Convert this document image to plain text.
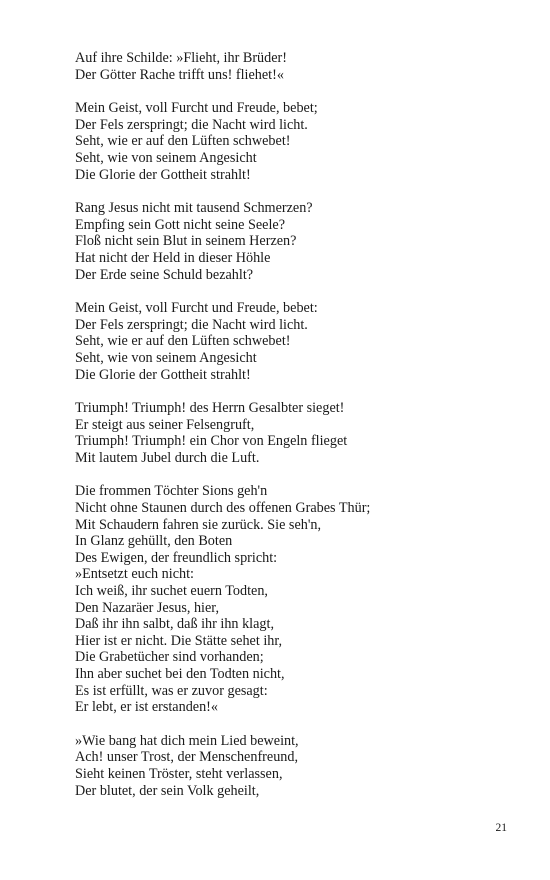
Auf ihre Schilde: »Flieht, ihr Brüder!
Der Götter Rache trifft uns! fliehet!«
Mein Geist, voll Furcht und Freude, bebet;
Der Fels zerspringt; die Nacht wird licht.
Seht, wie er auf den Lüften schwebet!
Seht, wie von seinem Angesicht
Die Glorie der Gottheit strahlt!
Rang Jesus nicht mit tausend Schmerzen?
Empfing sein Gott nicht seine Seele?
Floß nicht sein Blut in seinem Herzen?
Hat nicht der Held in dieser Höhle
Der Erde seine Schuld bezahlt?
Mein Geist, voll Furcht und Freude, bebet:
Der Fels zerspringt; die Nacht wird licht.
Seht, wie er auf den Lüften schwebet!
Seht, wie von seinem Angesicht
Die Glorie der Gottheit strahlt!
Triumph! Triumph! des Herrn Gesalbter sieget!
Er steigt aus seiner Felsengruft,
Triumph! Triumph! ein Chor von Engeln flieget
Mit lautem Jubel durch die Luft.
Die frommen Töchter Sions geh'n
Nicht ohne Staunen durch des offenen Grabes Thür;
Mit Schaudern fahren sie zurück. Sie seh'n,
In Glanz gehüllt, den Boten
Des Ewigen, der freundlich spricht:
»Entsetzt euch nicht:
Ich weiß, ihr suchet euern Todten,
Den Nazaräer Jesus, hier,
Daß ihr ihn salbt, daß ihr ihn klagt,
Hier ist er nicht. Die Stätte sehet ihr,
Die Grabetücher sind vorhanden;
Ihn aber suchet bei den Todten nicht,
Es ist erfüllt, was er zuvor gesagt:
Er lebt, er ist erstanden!«
»Wie bang hat dich mein Lied beweint,
Ach! unser Trost, der Menschenfreund,
Sieht keinen Tröster, steht verlassen,
Der blutet, der sein Volk geheilt,
21
